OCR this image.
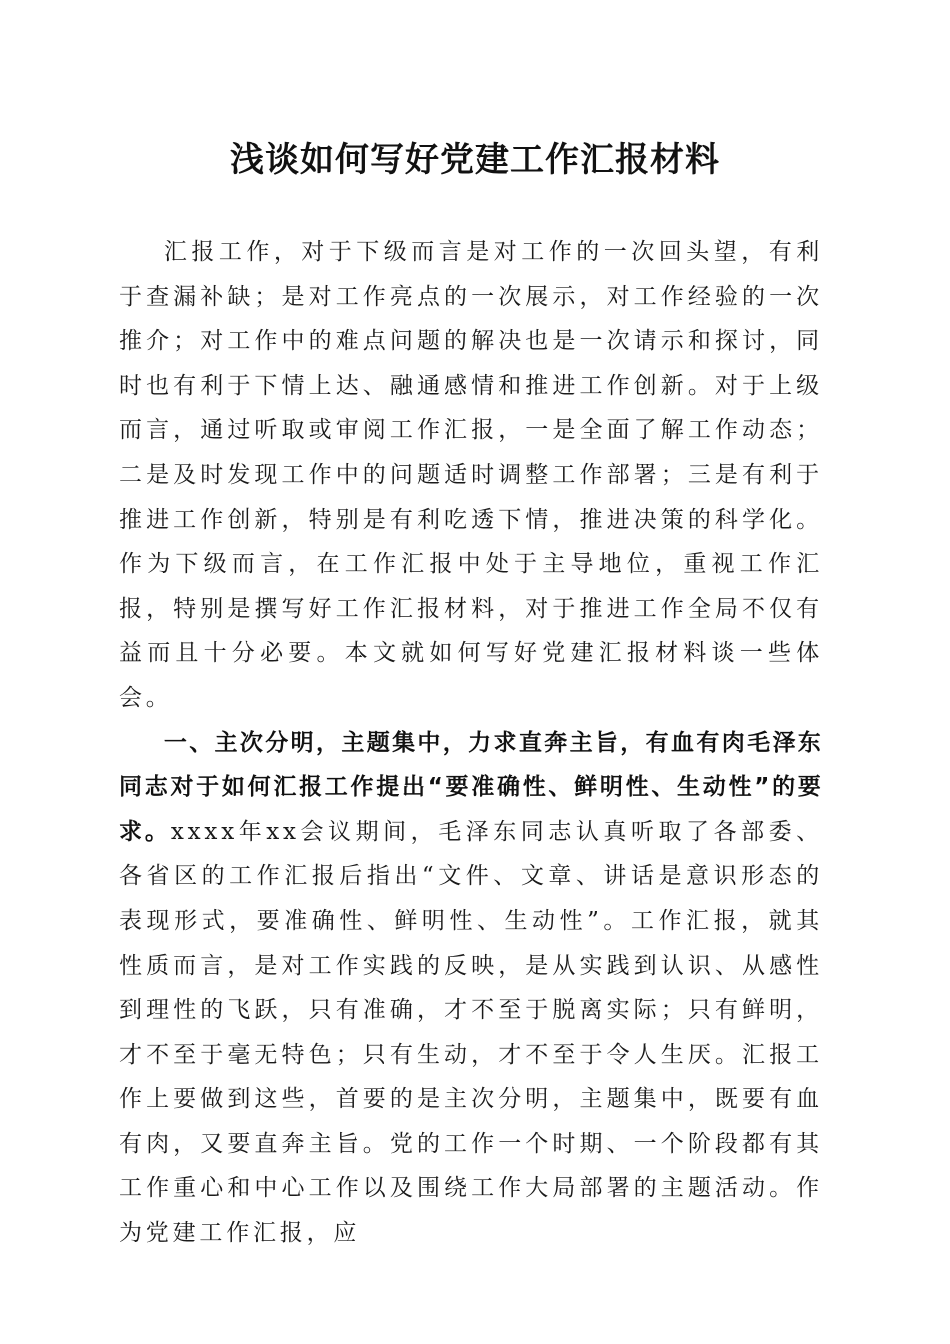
浅谈如何写好党建工作汇报材料

汇报工作，对于下级而言是对工作的一次回头望，有利于查漏补缺；是对工作亮点的一次展示，对工作经验的一次推介；对工作中的难点问题的解决也是一次请示和探讨，同时也有利于下情上达、融通感情和推进工作创新。对于上级而言，通过听取或审阅工作汇报，一是全面了解工作动态；二是及时发现工作中的问题适时调整工作部署；三是有利于推进工作创新，特别是有利吃透下情，推进决策的科学化。作为下级而言，在工作汇报中处于主导地位，重视工作汇报，特别是撰写好工作汇报材料，对于推进工作全局不仅有益而且十分必要。本文就如何写好党建汇报材料谈一些体会。

一、主次分明，主题集中，力求直奔主旨，有血有肉毛泽东同志对于如何汇报工作提出“要准确性、鲜明性、生动性”的要求。xxxx年xx会议期间，毛泽东同志认真听取了各部委、各省区的工作汇报后指出“文件、文章、讲话是意识形态的表现形式，要准确性、鲜明性、生动性”。工作汇报，就其性质而言，是对工作实践的反映，是从实践到认识、从感性到理性的飞跃，只有准确，才不至于脱离实际；只有鲜明，才不至于毫无特色；只有生动，才不至于令人生厌。汇报工作上要做到这些，首要的是主次分明，主题集中，既要有血有肉，又要直奔主旨。党的工作一个时期、一个阶段都有其工作重心和中心工作以及围绕工作大局部署的主题活动。作为党建工作汇报，应
